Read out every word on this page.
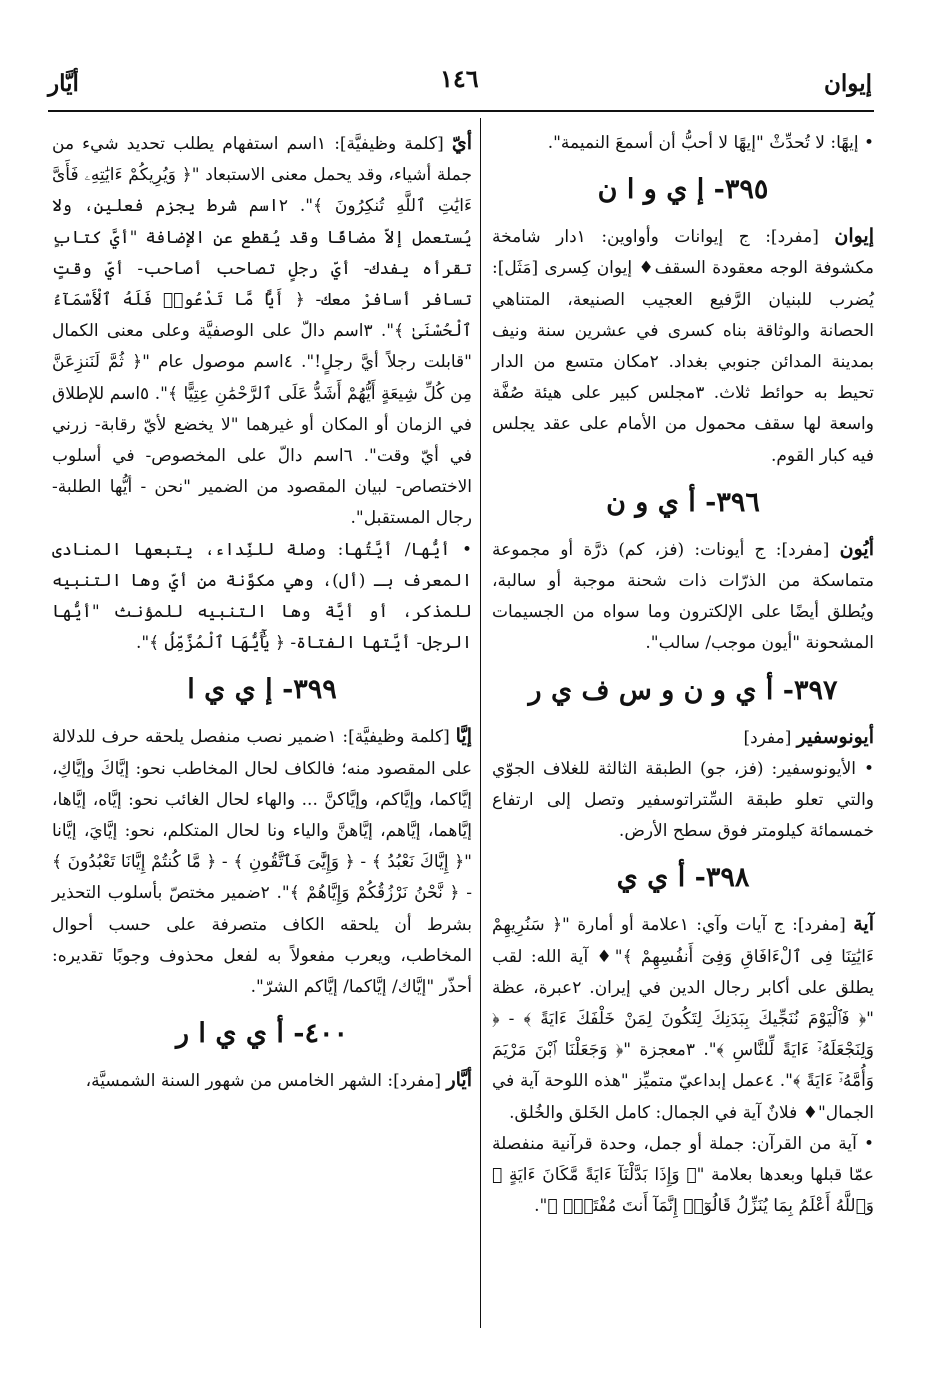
إيوان
١٤٦
أيَّار

• إيهًا: لا تُحدِّثْ "إيهًا لا أحبُّ أن أسمعَ النميمة".

٣٩٥- إ ي و ا ن

إيوان [مفرد]: ج إيوانات وأواوين: ١دار شامخة مكشوفة الوجه معقودة السقف♦ إيوان كِسرى [مَثَل]: يُضرب للبنيان الرَّفيع العجيب الصنيعة، المتناهي الحصانة والوثاقة بناه كسرى في عشرين سنة ونيف بمدينة المدائن جنوبي بغداد. ٢مكان متسع من الدار تحيط به حوائط ثلاث. ٣مجلس كبير على هيئة صُفَّة واسعة لها سقف محمول من الأمام على عقد يجلس فيه كبار القوم.

٣٩٦- أ ي و ن

أيُون [مفرد]: ج أيونات: (فز، كم) ذرَّة أو مجموعة متماسكة من الذرّات ذات شحنة موجبة أو سالبة، ويُطلق أيضًا على الإلكترون وما سواه من الجسيمات المشحونة "أيون موجب/ سالب".

٣٩٧- أ ي و ن و س ف ي ر

أيونوسفير [مفرد]

• الأيونوسفير: (فز، جو) الطبقة الثالثة للغلاف الجوّي والتي تعلو طبقة السِّتراتوسفير وتصل إلى ارتفاع خمسمائة كيلومتر فوق سطح الأرض.

٣٩٨- أ ي ي

آية [مفرد]: ج آيات وآي: ١علامة أو أمارة "﴿ سَنُرِيهِمْ ءَايَٰتِنَا فِى ٱلْءَافَاقِ وَفِىٓ أَنفُسِهِمْ ﴾"♦ آية الله: لقب يطلق على أكابر رجال الدين في إيران. ٢عبرة، عظة "﴿ فَٱلْيَوْمَ نُنَجِّيكَ بِبَدَنِكَ لِتَكُونَ لِمَنْ خَلْفَكَ ءَايَةً ﴾ - ﴿ وَلِنَجْعَلَهُۥٓ ءَايَةً لِّلنَّاسِ ﴾". ٣معجزة "﴿ وَجَعَلْنَا ٱبْنَ مَرْيَمَ وَأُمَّهُۥٓ ءَايَةً ﴾". ٤عمل إبداعيّ متميِّز "هذه اللوحة آية في الجمال"♦ فلانٌ آية في الجمال: كامل الخَلق والخُلق.

• آية من القرآن: جملة أو جمل، وحدة قرآنية منفصلة عمّا قبلها وبعدها بعلامة "﴿ وَإِذَا بَدَّلْنَآ ءَايَةً مَّكَانَ ءَايَةٍ ۙ وَٱللَّهُ أَعْلَمُ بِمَا يُنَزِّلُ قَالُوٓا۟ إِنَّمَآ أَنتَ مُفْتَرٍۭ ﴾".

أيّ [كلمة وظيفيَّة]: ١اسم استفهام يطلب تحديد شيء من جملة أشياء، وقد يحمل معنى الاستبعاد "﴿ وَيُرِيكُمْ ءَايَٰتِهِۦ فَأَىَّ ءَايَٰتِ ٱللَّهِ تُنكِرُونَ ﴾". ٢اسم شرط يجزم فعلين، ولا يُستعمل إلاّ مضافًا وقد يُقطع عن الإضافة "أيَّ كتابٍ تقرأه يفدك- أيّ رجلٍ تصاحب أصاحب- أيّ وقتٍ تسافر أسافرْ معك- ﴿ أَيًّا مَّا تَدْعُوا۟ فَلَهُ ٱلْأَسْمَآءُ ٱلْحُسْنَىٰ ﴾". ٣اسم دالّ على الوصفيَّة وعلى معنى الكمال "قابلت رجلاً أيَّ رجلٍ!". ٤اسم موصول عام "﴿ ثُمَّ لَنَنزِعَنَّ مِن كُلِّ شِيعَةٍ أَيُّهُمْ أَشَدُّ عَلَى ٱلرَّحْمَٰنِ عِتِيًّا ﴾". ٥اسم للإطلاق في الزمان أو المكان أو غيرهما "لا يخضع لأيّ رقابة- زرني في أيّ وقت". ٦اسم دالّ على المخصوص- في أسلوب الاختصاص- لبيان المقصود من الضمير "نحن - أيُّها الطلبة- رجال المستقبل".

• أيُّها/ أيَّتُها: وصلة للنِّداء، يتبعها المنادى المعرف بـ (أل)، وهي مكوَّنة من أيّ وها التنبيه للمذكر، أو أيَّة وها التنبيه للمؤنث "أيُّها الرجل- أيَّتها الفتاة- ﴿ يَٰٓأَيُّهَا ٱلْمُزَّمِّلُ ﴾".

٣٩٩- إ ي ي ا

إيَّا [كلمة وظيفيَّة]: ١ضمير نصب منفصل يلحقه حرف للدلالة على المقصود منه؛ فالكاف لحال المخاطب نحو: إيَّاكَ وإيَّاكِ، إيَّاكما، وإيَّاكم، وإيَّاكنَّ ... والهاء لحال الغائب نحو: إيَّاه، إيَّاها، إيَّاهما، إيَّاهم، إيَّاهنَّ والياء ونا لحال المتكلم، نحو: إيَّايَ، إيَّانا "﴿ إِيَّاكَ نَعْبُدُ ﴾ - ﴿ وَإِيَّٰىَ فَٱتَّقُونِ ﴾ - ﴿ مَّا كُنتُمْ إِيَّانَا تَعْبُدُونَ ﴾ - ﴿ نَّحْنُ نَرْزُقُكُمْ وَإِيَّاهُمْ ﴾". ٢ضمير مختصّ بأسلوب التحذير بشرط أن يلحقه الكاف متصرفة على حسب أحوال المخاطب، ويعرب مفعولاً به لفعل محذوف وجوبًا تقديره: أحذّر "إيَّاك/ إيَّاكما/ إيَّاكم الشرّ".

٤٠٠- أ ي ي ا ر

أيَّار [مفرد]: الشهر الخامس من شهور السنة الشمسيَّة،
